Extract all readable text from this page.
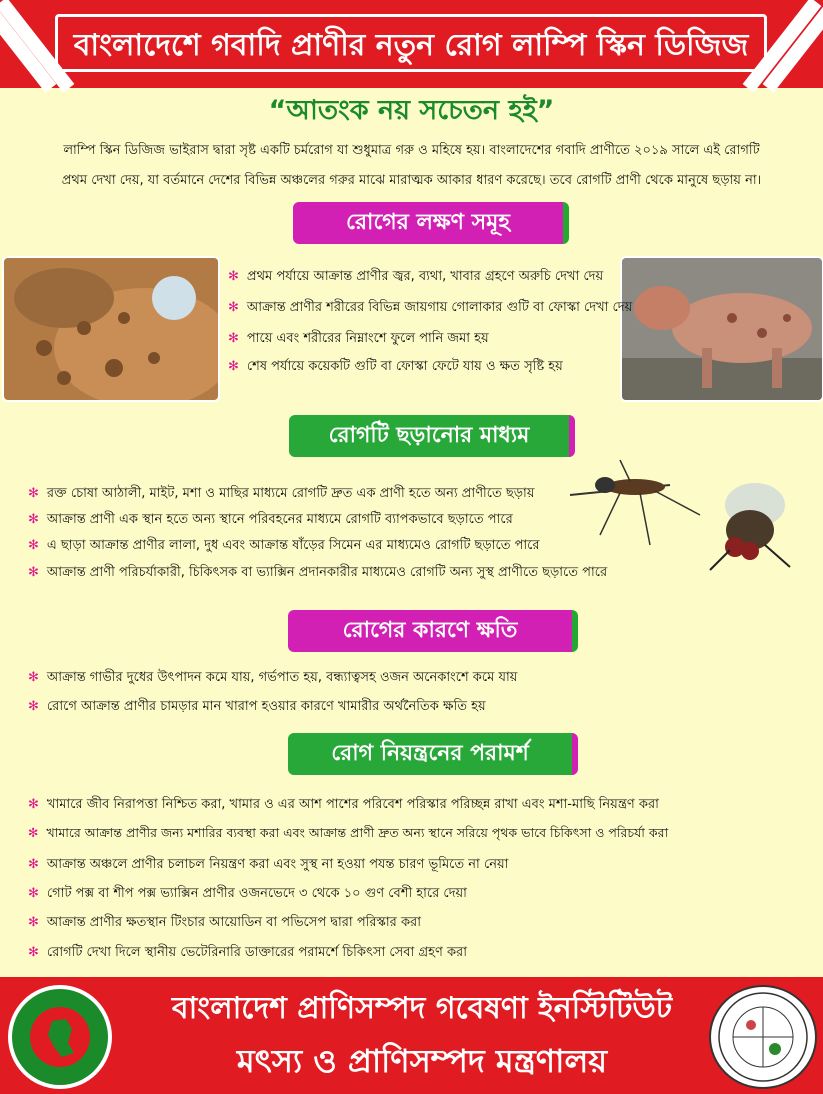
বাংলাদেশে গবাদি প্রাণীর নতুন রোগ লাম্পি স্কিন ডিজিজ
“আতংক নয় সচেতন হই”
লাম্পি স্কিন ডিজিজ ভাইরাস দ্বারা সৃষ্ট একটি চর্মরোগ যা শুধুমাত্র গরু ও মহিষে হয়। বাংলাদেশের গবাদি প্রাণীতে ২০১৯ সালে এই রোগটি
প্রথম দেখা দেয়, যা বর্তমানে দেশের বিভিন্ন অঞ্চলের গরুর মাঝে মারাত্মক আকার ধারণ করেছে। তবে রোগটি প্রাণী থেকে মানুষে ছড়ায় না।
রোগের লক্ষণ সমূহ
✻ প্রথম পর্যায়ে আক্রান্ত প্রাণীর জ্বর, ব্যথা, খাবার গ্রহণে অরুচি দেখা দেয়
✻ আক্রান্ত প্রাণীর শরীরের বিভিন্ন জায়গায় গোলাকার গুটি বা ফোস্কা দেখা দেয়
✻ পায়ে এবং শরীরের নিম্নাংশে ফুলে পানি জমা হয়
✻ শেষ পর্যায়ে কয়েকটি গুটি বা ফোস্কা ফেটে যায় ও ক্ষত সৃষ্টি হয়
রোগটি ছড়ানোর মাধ্যম
✻ রক্ত চোষা আঠালী, মাইট, মশা ও মাছির মাধ্যমে রোগটি দ্রুত এক প্রাণী হতে অন্য প্রাণীতে ছড়ায়
✻ আক্রান্ত প্রাণী এক স্থান হতে অন্য স্থানে পরিবহনের মাধ্যমে রোগটি ব্যাপকভাবে ছড়াতে পারে
✻ এ ছাড়া আক্রান্ত প্রাণীর লালা, দুধ এবং আক্রান্ত ষাঁড়ের সিমেন এর মাধ্যমেও রোগটি ছড়াতে পারে
✻ আক্রান্ত প্রাণী পরিচর্যাকারী, চিকিৎসক বা ভ্যাক্সিন প্রদানকারীর মাধ্যমেও রোগটি অন্য সুস্থ প্রাণীতে ছড়াতে পারে
রোগের কারণে ক্ষতি
✻ আক্রান্ত গাভীর দুধের উৎপাদন কমে যায়, গর্ভপাত হয়, বন্ধ্যাত্বসহ ওজন অনেকাংশে কমে যায়
✻ রোগে আক্রান্ত প্রাণীর চামড়ার মান খারাপ হওয়ার কারণে খামারীর অর্থনৈতিক ক্ষতি হয়
রোগ নিয়ন্ত্রনের পরামর্শ
✻ খামারে জীব নিরাপত্তা নিশ্চিত করা, খামার ও এর আশ পাশের পরিবেশ পরিস্কার পরিচ্ছন্ন রাখা এবং মশা-মাছি নিয়ন্ত্রণ করা
✻ খামারে আক্রান্ত প্রাণীর জন্য মশারির ব্যবস্থা করা এবং আক্রান্ত প্রাণী দ্রুত অন্য স্থানে সরিয়ে পৃথক ভাবে চিকিৎসা ও পরিচর্যা করা
✻ আক্রান্ত অঞ্চলে প্রাণীর চলাচল নিয়ন্ত্রণ করা এবং সুস্থ না হওয়া পযন্ত চারণ ভূমিতে না নেয়া
✻ গোট পক্স বা শীপ পক্স ভ্যাক্সিন প্রাণীর ওজনভেদে ৩ থেকে ১০ গুণ বেশী হারে দেয়া
✻ আক্রান্ত প্রাণীর ক্ষতস্থান টিংচার আয়োডিন বা পভিসেপ দ্বারা পরিস্কার করা
✻ রোগটি দেখা দিলে স্থানীয় ভেটেরিনারি ডাক্তারের পরামর্শে চিকিৎসা সেবা গ্রহণ করা
বাংলাদেশ প্রাণিসম্পদ গবেষণা ইনস্টিটিউট
মৎস্য ও প্রাণিসম্পদ মন্ত্রণালয়
